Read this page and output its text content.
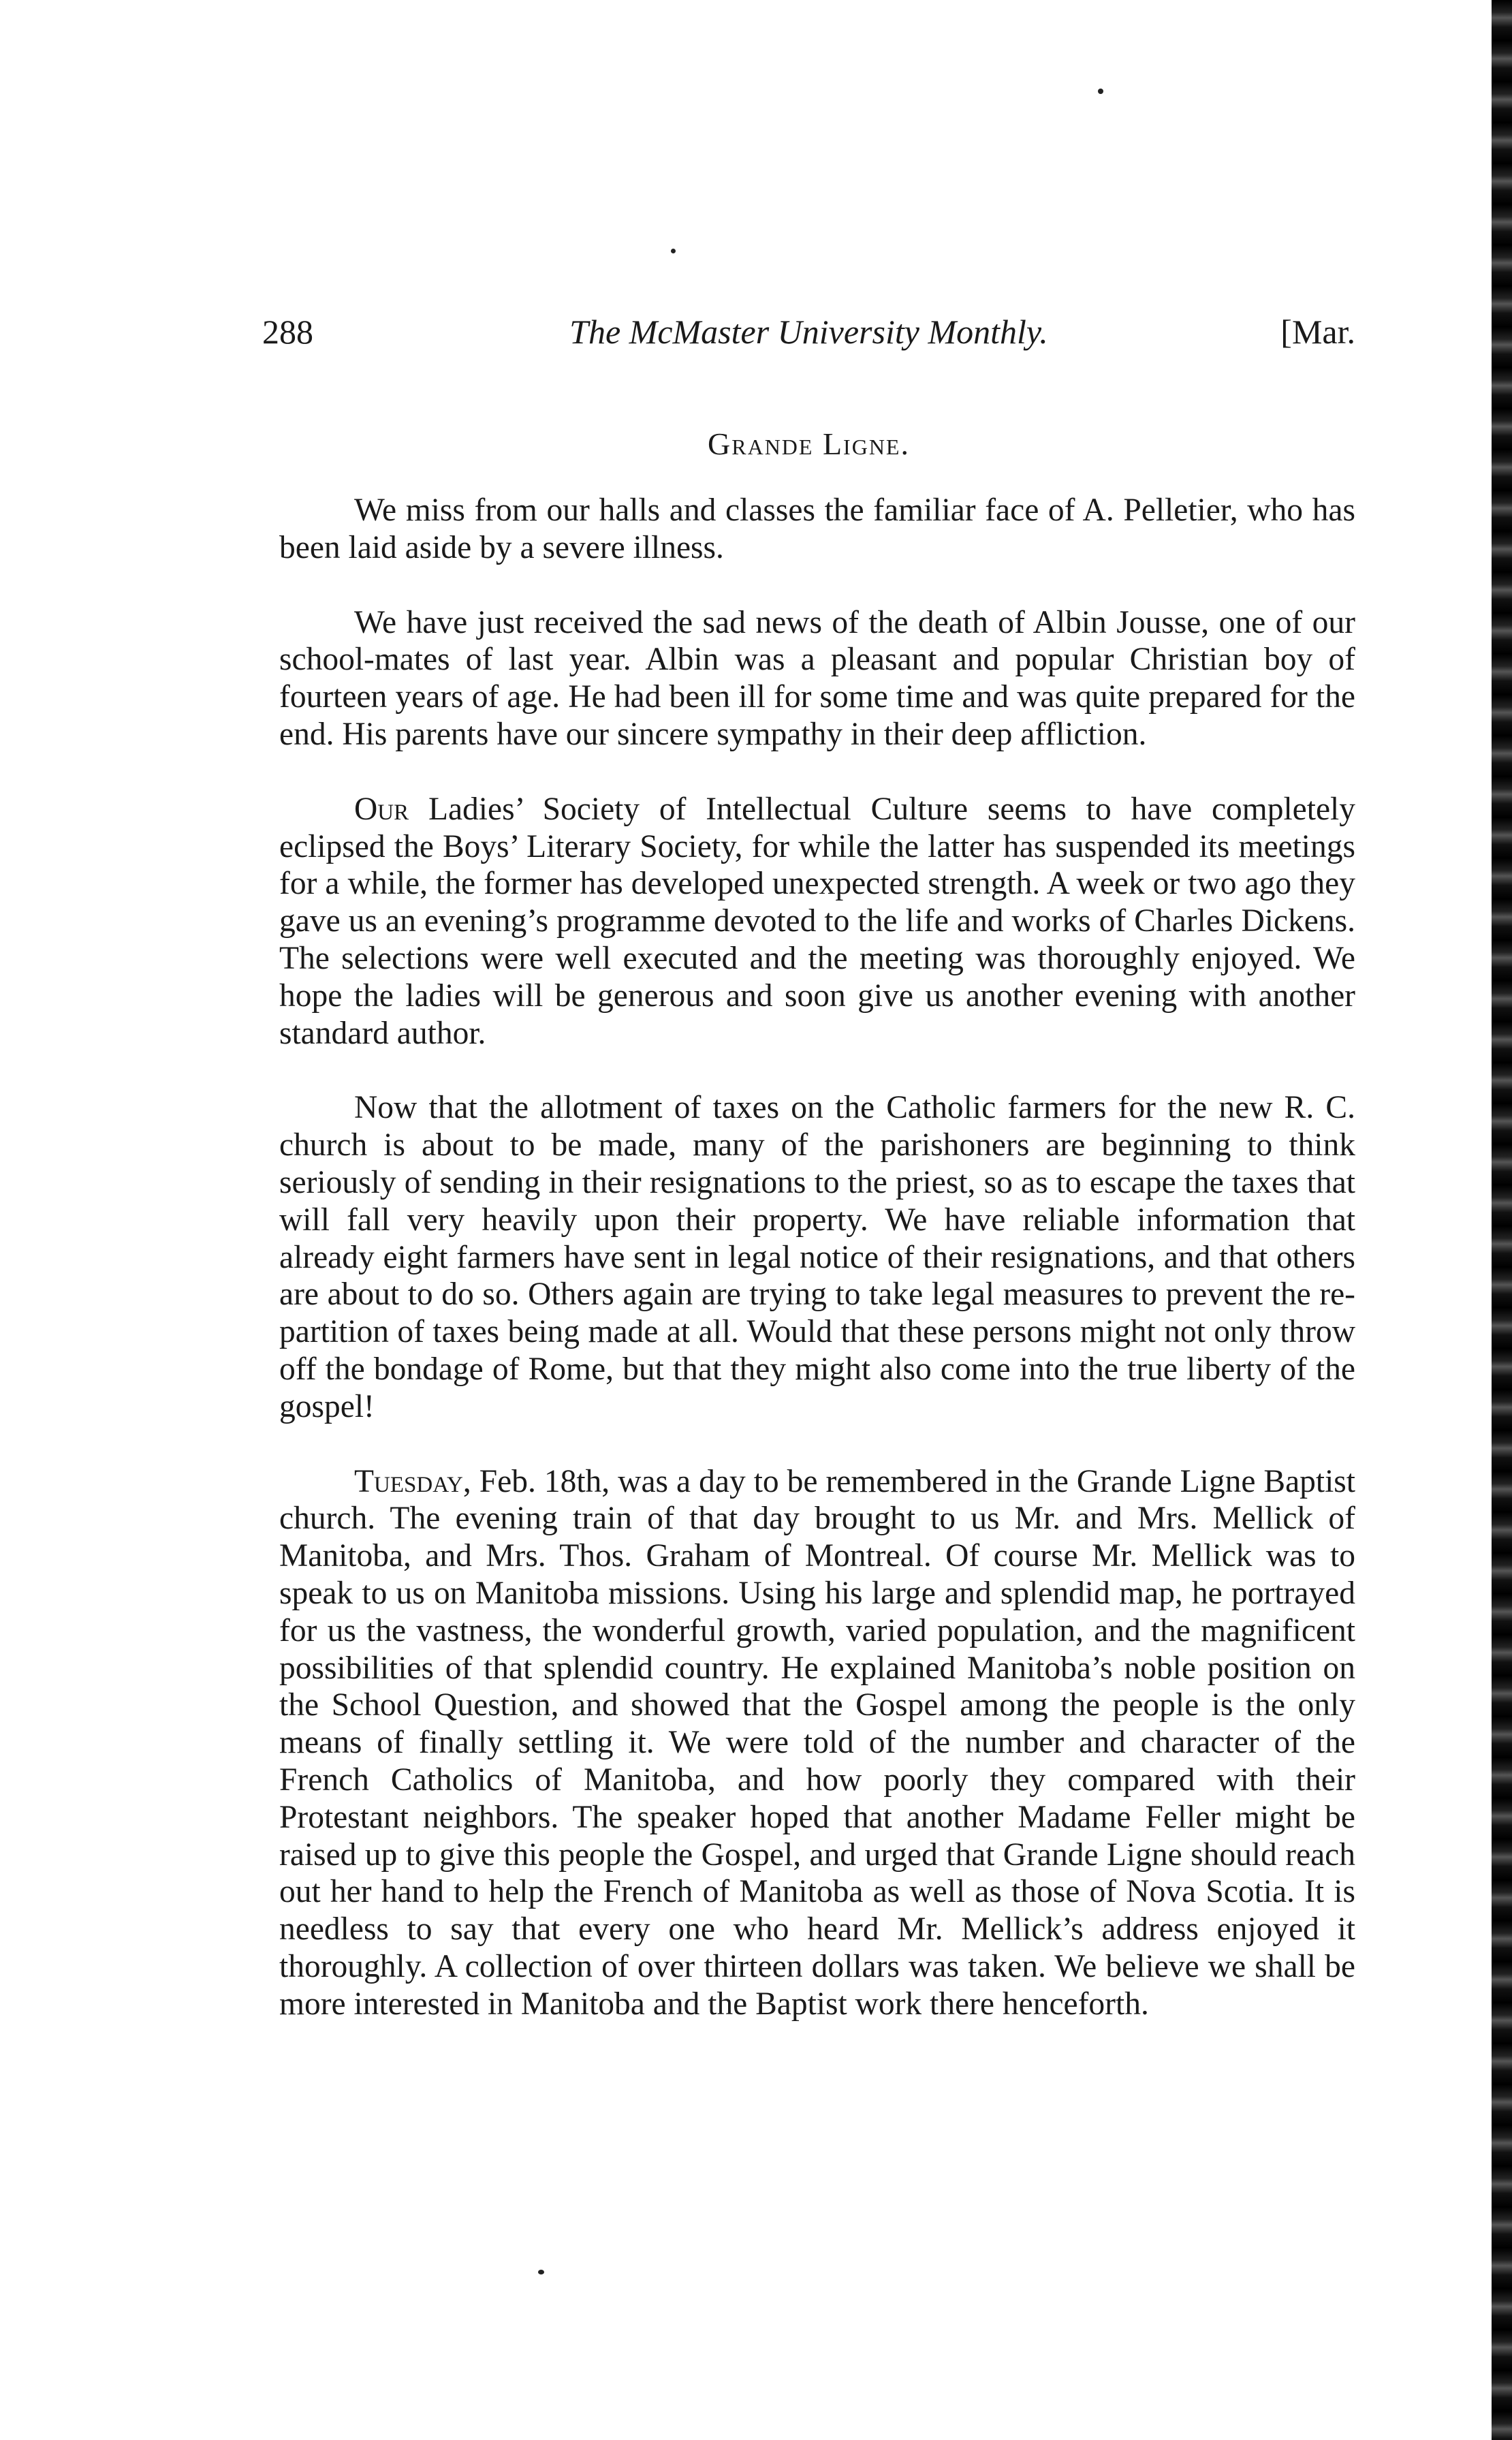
288	The McMaster University Monthly.	[Mar.
Grande Ligne.

We miss from our halls and classes the familiar face of A. Pelletier, who has been laid aside by a severe illness.

We have just received the sad news of the death of Albin Jousse, one of our school-mates of last year. Albin was a pleasant and popular Christian boy of fourteen years of age. He had been ill for some time and was quite prepared for the end. His parents have our sincere sympathy in their deep affliction.

Our Ladies’ Society of Intellectual Culture seems to have completely eclipsed the Boys’ Literary Society, for while the latter has suspended its meetings for a while, the former has developed unexpected strength. A week or two ago they gave us an evening’s programme devoted to the life and works of Charles Dickens. The selections were well executed and the meeting was thoroughly enjoyed. We hope the ladies will be generous and soon give us another evening with another standard author.

Now that the allotment of taxes on the Catholic farmers for the new R. C. church is about to be made, many of the parishoners are beginning to think seriously of sending in their resignations to the priest, so as to escape the taxes that will fall very heavily upon their property. We have reliable information that already eight farmers have sent in legal notice of their resignations, and that others are about to do so. Others again are trying to take legal measures to prevent the re-partition of taxes being made at all. Would that these persons might not only throw off the bondage of Rome, but that they might also come into the true liberty of the gospel!

Tuesday, Feb. 18th, was a day to be remembered in the Grande Ligne Baptist church. The evening train of that day brought to us Mr. and Mrs. Mellick of Manitoba, and Mrs. Thos. Graham of Montreal. Of course Mr. Mellick was to speak to us on Manitoba missions. Using his large and splendid map, he portrayed for us the vastness, the wonderful growth, varied population, and the magnificent possibilities of that splendid country. He explained Manitoba’s noble position on the School Question, and showed that the Gospel among the people is the only means of finally settling it. We were told of the number and character of the French Catholics of Manitoba, and how poorly they compared with their Protestant neighbors. The speaker hoped that another Madame Feller might be raised up to give this people the Gospel, and urged that Grande Ligne should reach out her hand to help the French of Manitoba as well as those of Nova Scotia. It is needless to say that every one who heard Mr. Mellick’s address enjoyed it thoroughly. A collection of over thirteen dollars was taken. We believe we shall be more interested in Manitoba and the Baptist work there henceforth.
